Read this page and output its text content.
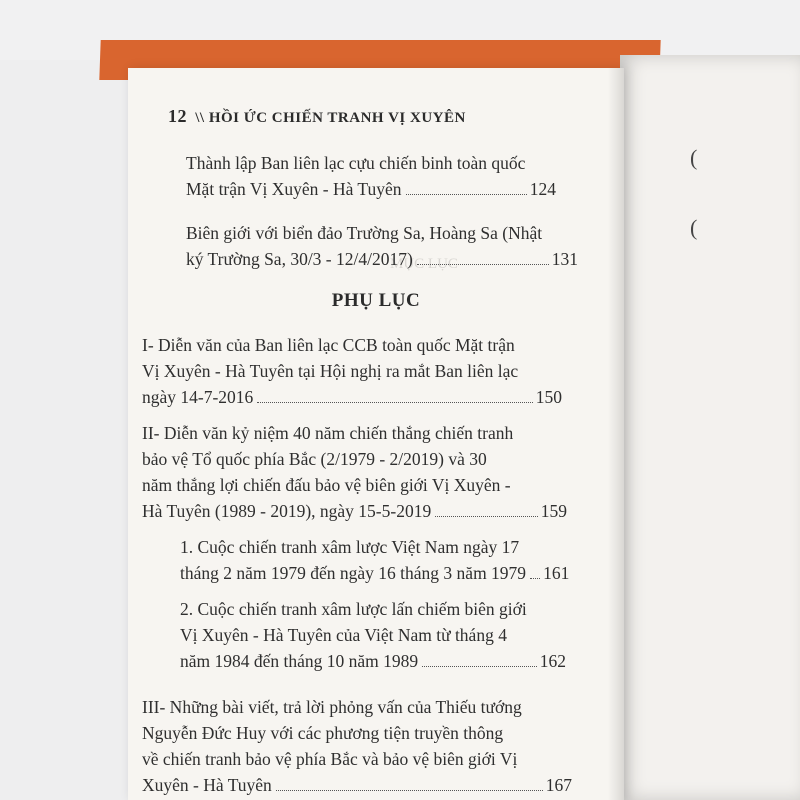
(
(
MỤC LỤC
12 \\ HỒI ỨC CHIẾN TRANH VỊ XUYÊN
Thành lập Ban liên lạc cựu chiến binh toàn quốc
Mặt trận Vị Xuyên - Hà Tuyên	124
Biên giới với biển đảo Trường Sa, Hoàng Sa (Nhật
ký Trường Sa, 30/3 - 12/4/2017)	131
PHỤ LỤC
I- Diễn văn của Ban liên lạc CCB toàn quốc Mặt trận
Vị Xuyên - Hà Tuyên tại Hội nghị ra mắt Ban liên lạc
ngày 14-7-2016	150
II- Diễn văn kỷ niệm 40 năm chiến thắng chiến tranh
bảo vệ Tổ quốc phía Bắc (2/1979 - 2/2019) và 30
năm thắng lợi chiến đấu bảo vệ biên giới Vị Xuyên -
Hà Tuyên (1989 - 2019), ngày 15-5-2019	159
1. Cuộc chiến tranh xâm lược Việt Nam ngày 17
tháng 2 năm 1979 đến ngày 16 tháng 3 năm 1979 161
2. Cuộc chiến tranh xâm lược lấn chiếm biên giới
Vị Xuyên - Hà Tuyên của Việt Nam từ tháng 4
năm 1984 đến tháng 10 năm 1989	162
III- Những bài viết, trả lời phỏng vấn của Thiếu tướng
Nguyễn Đức Huy với các phương tiện truyền thông
về chiến tranh bảo vệ phía Bắc và bảo vệ biên giới Vị
Xuyên - Hà Tuyên	167
